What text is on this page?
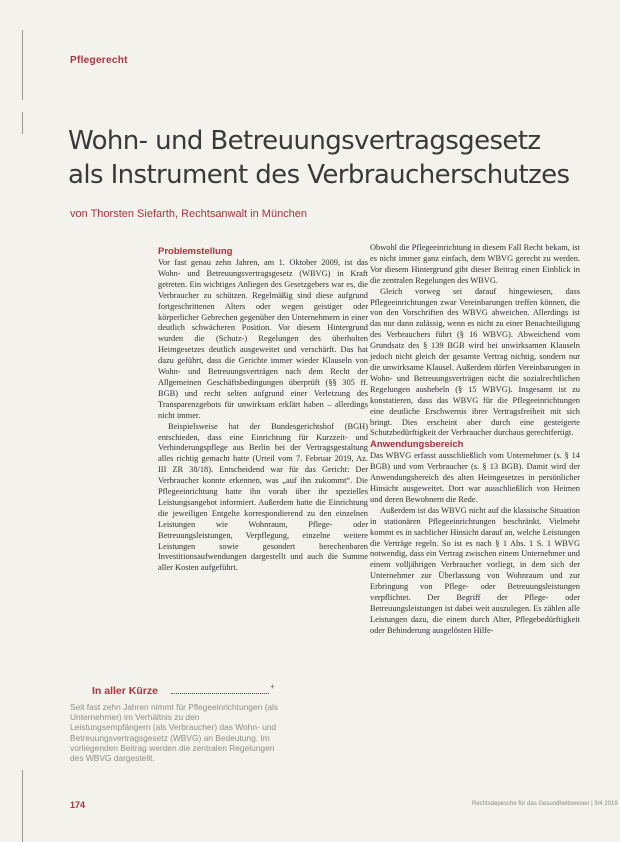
Pflegerecht
Wohn- und Betreuungsvertragsgesetz
als Instrument des Verbraucherschutzes
von Thorsten Siefarth, Rechtsanwalt in München
Problemstellung

Vor fast genau zehn Jahren, am 1. Oktober 2009, ist das Wohn- und Betreuungsvertragsgesetz (WBVG) in Kraft getreten. Ein wichtiges Anliegen des Gesetzgebers war es, die Verbraucher zu schützen. Regelmäßig sind diese aufgrund fortgeschrittenen Alters oder wegen geistiger oder körperlicher Gebrechen gegenüber den Unternehmern in einer deutlich schwächeren Position. Vor diesem Hintergrund wurden die (Schutz-) Regelungen des überholten Heimgesetzes deutlich ausgeweitet und verschärft. Das hat dazu geführt, dass die Gerichte immer wieder Klauseln von Wohn- und Betreuungsverträgen nach dem Recht der Allgemeinen Geschäftsbedingungen überprüft (§§ 305 ff. BGB) und recht selten aufgrund einer Verletzung des Transparenzgebots für unwirksam erklärt haben – allerdings nicht immer.

Beispielsweise hat der Bundesgerichtshof (BGH) entschieden, dass eine Einrichtung für Kurzzeit- und Verhinderungspflege aus Berlin bei der Vertragsgestaltung alles richtig gemacht hatte (Urteil vom 7. Februar 2019, Az. III ZR 38/18). Entscheidend war für das Gericht: Der Verbraucher konnte erkennen, was „auf ihn zukommt“. Die Pflegeeinrichtung hatte ihn vorab über ihr spezielles Leistungsangebot informiert. Außerdem hatte die Einrichtung die jeweiligen Entgelte korrespondierend zu den einzelnen Leistungen wie Wohnraum, Pflege- oder Betreuungsleistungen, Verpflegung, einzelne weitere Leistungen sowie gesondert berechenbaren Investitionsaufwendungen dargestellt und auch die Summe aller Kosten aufgeführt.

Obwohl die Pflegeeinrichtung in diesem Fall Recht bekam, ist es nicht immer ganz einfach, dem WBVG gerecht zu werden. Vor diesem Hintergrund gibt dieser Beitrag einen Einblick in die zentralen Regelungen des WBVG.

Gleich vorweg sei darauf hingewiesen, dass Pflegeeinrichtungen zwar Vereinbarungen treffen können, die von den Vorschriften des WBVG abweichen. Allerdings ist das nur dann zulässig, wenn es nicht zu einer Benachteiligung des Verbrauchers führt (§ 16 WBVG). Abweichend vom Grundsatz des § 139 BGB wird bei unwirksamen Klauseln jedoch nicht gleich der gesamte Vertrag nichtig, sondern nur die unwirksame Klausel. Außerdem dürfen Vereinbarungen in Wohn- und Betreuungsverträgen nicht die sozialrechtlichen Regelungen aushebeln (§ 15 WBVG). Insgesamt ist zu konstatieren, dass das WBVG für die Pflegeeinrichtungen eine deutliche Erschwernis ihrer Vertragsfreiheit mit sich bringt. Dies erscheint aber durch eine gesteigerte Schutzbedürftigkeit der Verbraucher durchaus gerechtfertigt.

Anwendungsbereich

Das WBVG erfasst ausschließlich vom Unternehmer (s. § 14 BGB) und vom Verbraucher (s. § 13 BGB). Damit wird der Anwendungsbereich des alten Heimgesetzes in persönlicher Hinsicht ausgeweitet. Dort war ausschließlich von Heimen und deren Bewohnern die Rede.

Außerdem ist das WBVG nicht auf die klassische Situation in stationären Pflegeeinrichtungen beschränkt. Vielmehr kommt es in sachlicher Hinsicht darauf an, welche Leistungen die Verträge regeln. So ist es nach § 1 Abs. 1 S. 1 WBVG notwendig, dass ein Vertrag zwischen einem Unternehmer und einem volljährigen Verbraucher vorliegt, in dem sich der Unternehmer zur Überlassung von Wohnraum und zur Erbringung von Pflege- oder Betreuungsleistungen verpflichtet. Der Begriff der Pflege- oder Betreuungsleistungen ist dabei weit auszulegen. Es zählen alle Leistungen dazu, die einem durch Alter, Pflegebedürftigkeit oder Behinderung ausgelösten Hilfe-

In aller Kürze	+

Seit fast zehn Jahren nimmt für Pflegeeinrichtungen (als Unternehmer) im Verhältnis zu den Leistungsempfängern (als Verbraucher) das Wohn- und Betreuungsvertragsgesetz (WBVG) an Bedeutung. Im vorliegenden Beitrag werden die zentralen Regelungen des WBVG dargestellt.

174	Rechtsdepesche für das Gesundheitswesen | 3/4 2019
